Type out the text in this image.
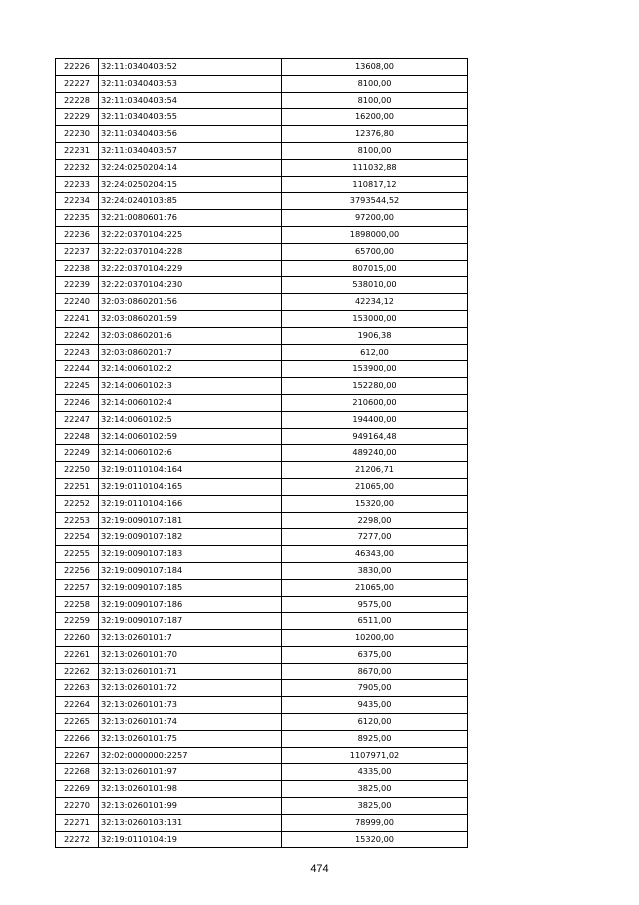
22226	32:11:0340403:52	13608,00
22227	32:11:0340403:53	8100,00
22228	32:11:0340403:54	8100,00
22229	32:11:0340403:55	16200,00
22230	32:11:0340403:56	12376,80
22231	32:11:0340403:57	8100,00
22232	32:24:0250204:14	111032,88
22233	32:24:0250204:15	110817,12
22234	32:24:0240103:85	3793544,52
22235	32:21:0080601:76	97200,00
22236	32:22:0370104:225	1898000,00
22237	32:22:0370104:228	65700,00
22238	32:22:0370104:229	807015,00
22239	32:22:0370104:230	538010,00
22240	32:03:0860201:56	42234,12
22241	32:03:0860201:59	153000,00
22242	32:03:0860201:6	1906,38
22243	32:03:0860201:7	612,00
22244	32:14:0060102:2	153900,00
22245	32:14:0060102:3	152280,00
22246	32:14:0060102:4	210600,00
22247	32:14:0060102:5	194400,00
22248	32:14:0060102:59	949164,48
22249	32:14:0060102:6	489240,00
22250	32:19:0110104:164	21206,71
22251	32:19:0110104:165	21065,00
22252	32:19:0110104:166	15320,00
22253	32:19:0090107:181	2298,00
22254	32:19:0090107:182	7277,00
22255	32:19:0090107:183	46343,00
22256	32:19:0090107:184	3830,00
22257	32:19:0090107:185	21065,00
22258	32:19:0090107:186	9575,00
22259	32:19:0090107:187	6511,00
22260	32:13:0260101:7	10200,00
22261	32:13:0260101:70	6375,00
22262	32:13:0260101:71	8670,00
22263	32:13:0260101:72	7905,00
22264	32:13:0260101:73	9435,00
22265	32:13:0260101:74	6120,00
22266	32:13:0260101:75	8925,00
22267	32:02:0000000:2257	1107971,02
22268	32:13:0260101:97	4335,00
22269	32:13:0260101:98	3825,00
22270	32:13:0260101:99	3825,00
22271	32:13:0260103:131	78999,00
22272	32:19:0110104:19	15320,00
474
